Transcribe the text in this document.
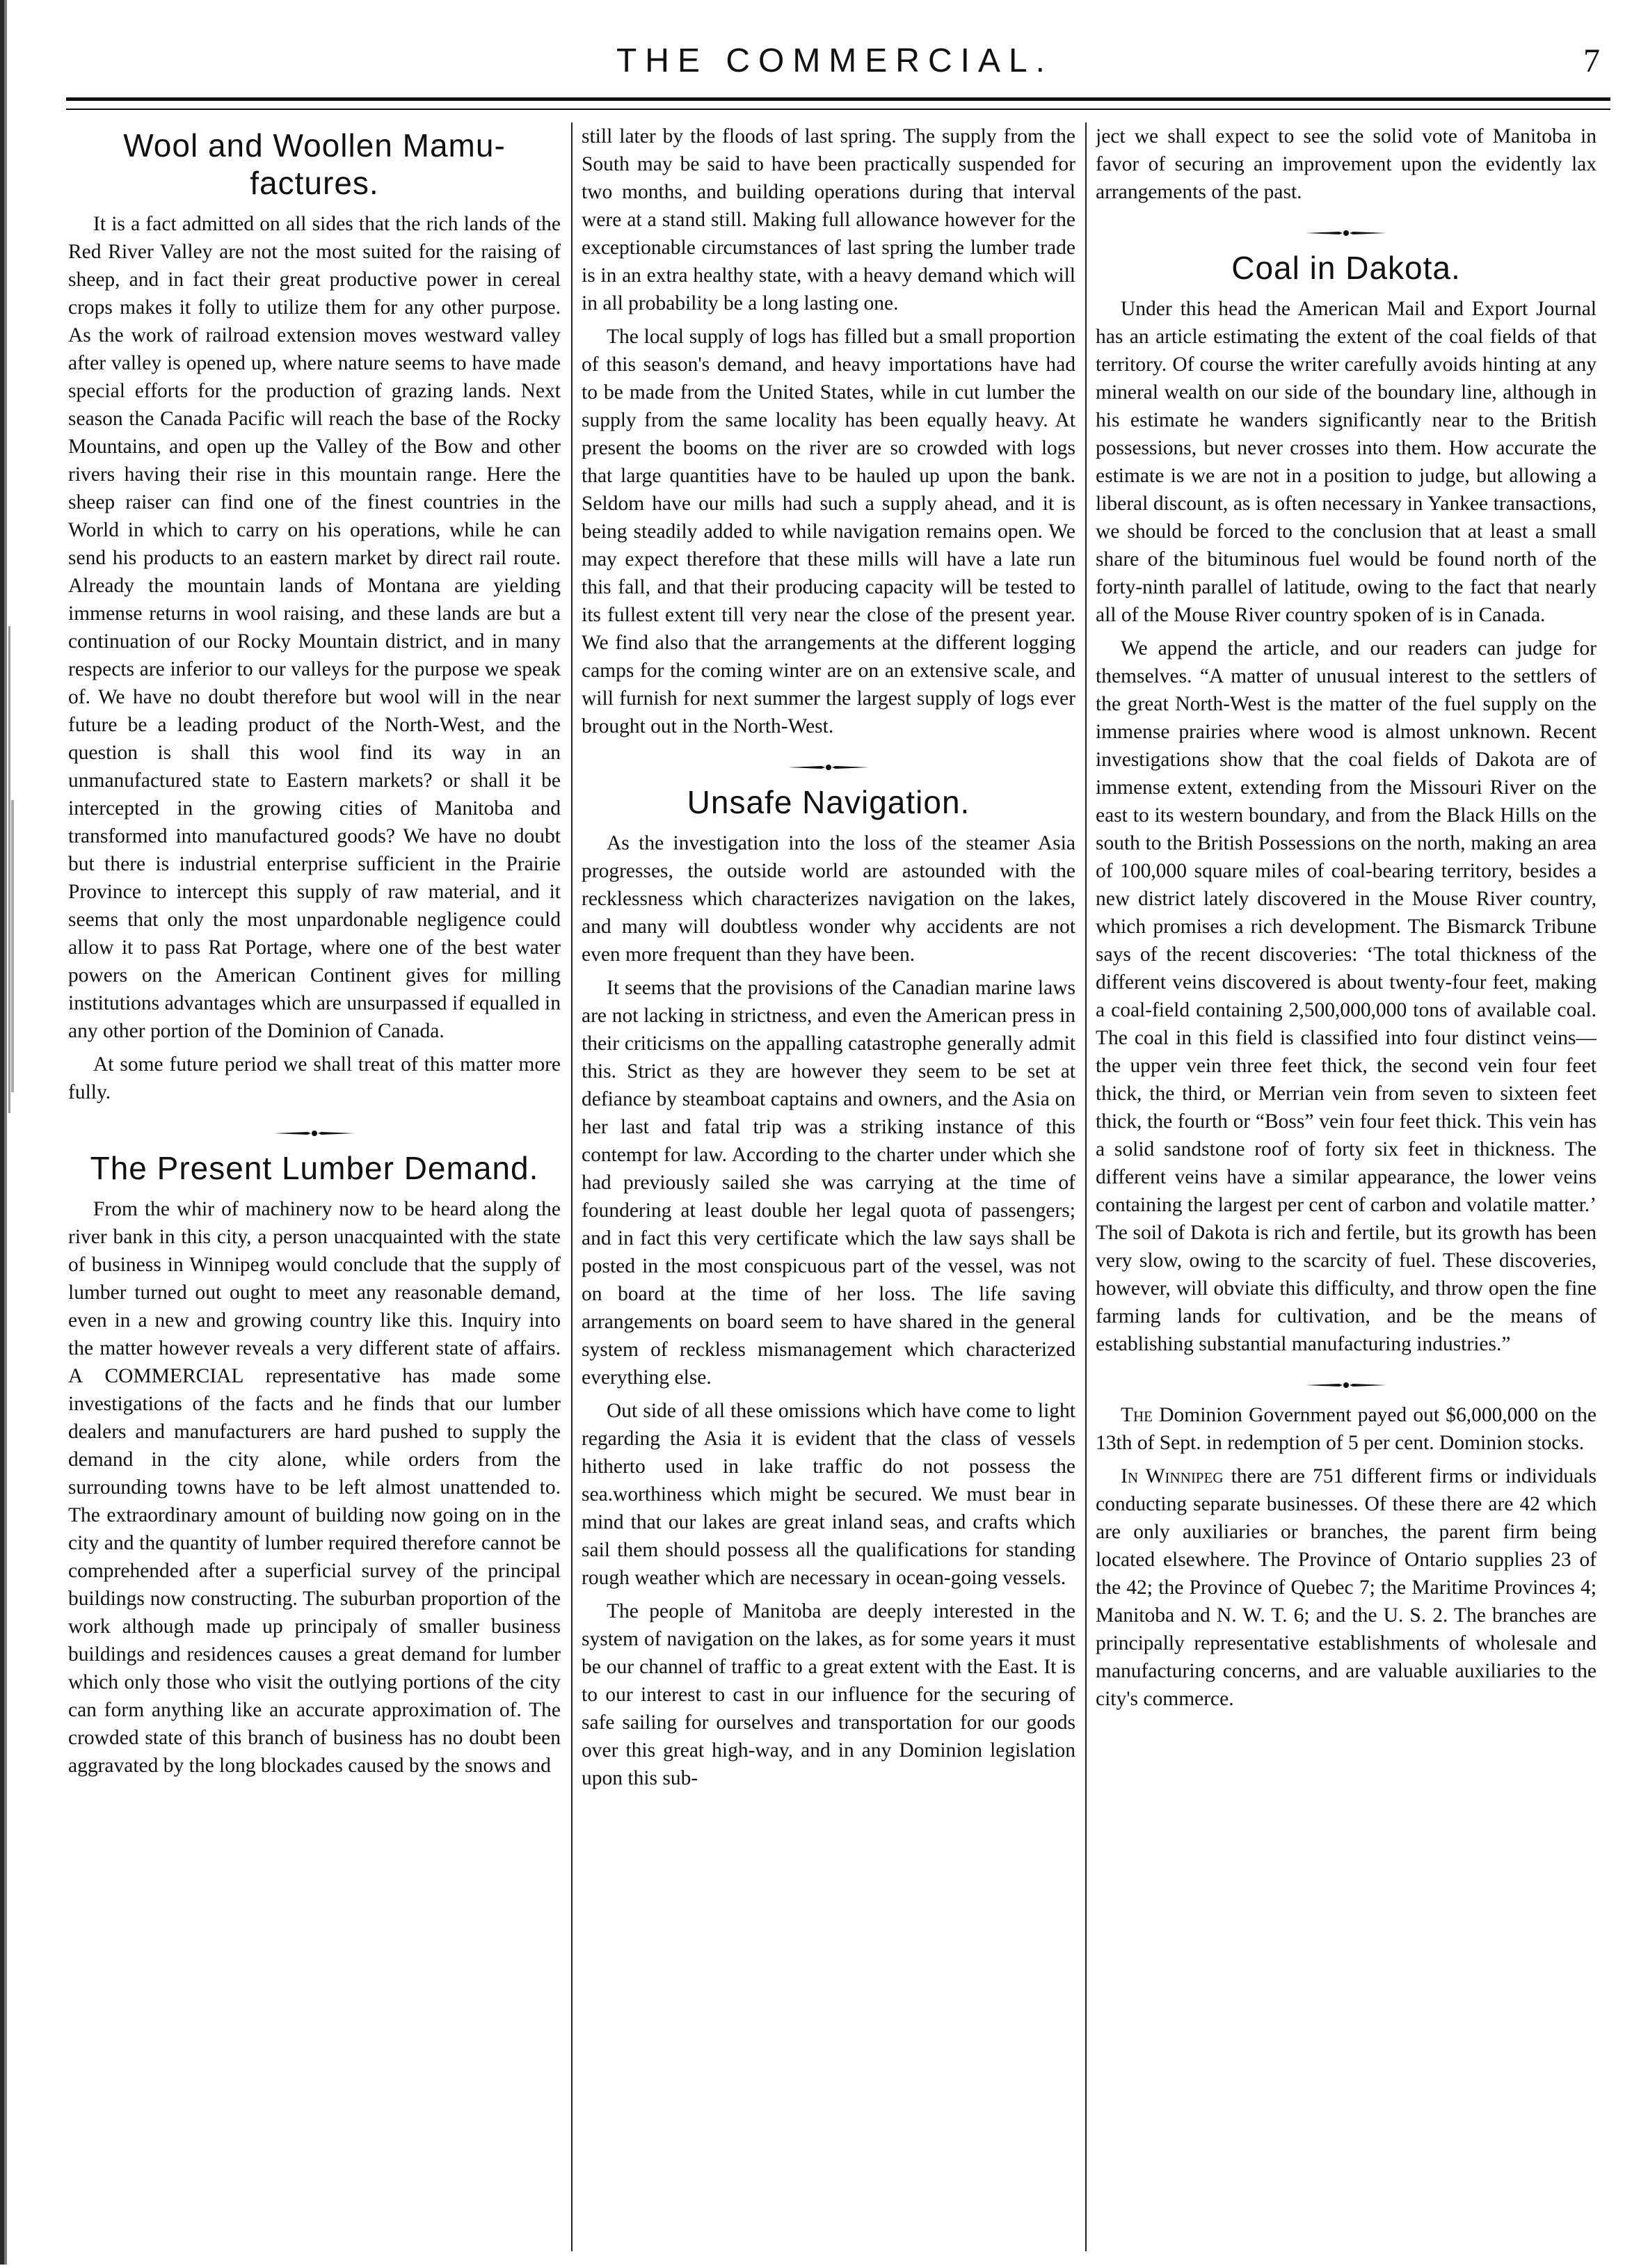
THE COMMERCIAL.	7
Wool and Woollen Mamu-factures.

It is a fact admitted on all sides that the rich lands of the Red River Valley are not the most suited for the raising of sheep, and in fact their great productive power in cereal crops makes it folly to utilize them for any other purpose. As the work of railroad extension moves westward valley after valley is opened up, where nature seems to have made special efforts for the production of grazing lands. Next season the Canada Pacific will reach the base of the Rocky Mountains, and open up the Valley of the Bow and other rivers having their rise in this mountain range. Here the sheep raiser can find one of the finest countries in the World in which to carry on his operations, while he can send his products to an eastern market by direct rail route. Already the mountain lands of Montana are yielding immense returns in wool raising, and these lands are but a continuation of our Rocky Mountain district, and in many respects are inferior to our valleys for the purpose we speak of. We have no doubt therefore but wool will in the near future be a leading product of the North-West, and the question is shall this wool find its way in an unmanufactured state to Eastern markets? or shall it be intercepted in the growing cities of Manitoba and transformed into manufactured goods? We have no doubt but there is industrial enterprise sufficient in the Prairie Province to intercept this supply of raw material, and it seems that only the most unpardonable negligence could allow it to pass Rat Portage, where one of the best water powers on the American Continent gives for milling institutions advantages which are unsurpassed if equalled in any other portion of the Dominion of Canada.

At some future period we shall treat of this matter more fully.

The Present Lumber Demand.

From the whir of machinery now to be heard along the river bank in this city, a person unacquainted with the state of business in Winnipeg would conclude that the supply of lumber turned out ought to meet any reasonable demand, even in a new and growing country like this. Inquiry into the matter however reveals a very different state of affairs. A COMMERCIAL representative has made some investigations of the facts and he finds that our lumber dealers and manufacturers are hard pushed to supply the demand in the city alone, while orders from the surrounding towns have to be left almost unattended to. The extraordinary amount of building now going on in the city and the quantity of lumber required therefore cannot be comprehended after a superficial survey of the principal buildings now constructing. The suburban proportion of the work although made up principaly of smaller business buildings and residences causes a great demand for lumber which only those who visit the outlying portions of the city can form anything like an accurate approximation of. The crowded state of this branch of business has no doubt been aggravated by the long blockades caused by the snows and

still later by the floods of last spring. The supply from the South may be said to have been practically suspended for two months, and building operations during that interval were at a stand still. Making full allowance however for the exceptionable circumstances of last spring the lumber trade is in an extra healthy state, with a heavy demand which will in all probability be a long lasting one.

The local supply of logs has filled but a small proportion of this season's demand, and heavy importations have had to be made from the United States, while in cut lumber the supply from the same locality has been equally heavy. At present the booms on the river are so crowded with logs that large quantities have to be hauled up upon the bank. Seldom have our mills had such a supply ahead, and it is being steadily added to while navigation remains open. We may expect therefore that these mills will have a late run this fall, and that their producing capacity will be tested to its fullest extent till very near the close of the present year. We find also that the arrangements at the different logging camps for the coming winter are on an extensive scale, and will furnish for next summer the largest supply of logs ever brought out in the North-West.

Unsafe Navigation.

As the investigation into the loss of the steamer Asia progresses, the outside world are astounded with the recklessness which characterizes navigation on the lakes, and many will doubtless wonder why accidents are not even more frequent than they have been.

It seems that the provisions of the Canadian marine laws are not lacking in strictness, and even the American press in their criticisms on the appalling catastrophe generally admit this. Strict as they are however they seem to be set at defiance by steamboat captains and owners, and the Asia on her last and fatal trip was a striking instance of this contempt for law. According to the charter under which she had previously sailed she was carrying at the time of foundering at least double her legal quota of passengers; and in fact this very certificate which the law says shall be posted in the most conspicuous part of the vessel, was not on board at the time of her loss. The life saving arrangements on board seem to have shared in the general system of reckless mismanagement which characterized everything else.

Out side of all these omissions which have come to light regarding the Asia it is evident that the class of vessels hitherto used in lake traffic do not possess the sea.worthiness which might be secured. We must bear in mind that our lakes are great inland seas, and crafts which sail them should possess all the qualifications for standing rough weather which are necessary in ocean-going vessels.

The people of Manitoba are deeply interested in the system of navigation on the lakes, as for some years it must be our channel of traffic to a great extent with the East. It is to our interest to cast in our influence for the securing of safe sailing for ourselves and transportation for our goods over this great high-way, and in any Dominion legislation upon this sub-

ject we shall expect to see the solid vote of Manitoba in favor of securing an improvement upon the evidently lax arrangements of the past.

Coal in Dakota.

Under this head the American Mail and Export Journal has an article estimating the extent of the coal fields of that territory. Of course the writer carefully avoids hinting at any mineral wealth on our side of the boundary line, although in his estimate he wanders significantly near to the British possessions, but never crosses into them. How accurate the estimate is we are not in a position to judge, but allowing a liberal discount, as is often necessary in Yankee transactions, we should be forced to the conclusion that at least a small share of the bituminous fuel would be found north of the forty-ninth parallel of latitude, owing to the fact that nearly all of the Mouse River country spoken of is in Canada.

We append the article, and our readers can judge for themselves. “A matter of unusual interest to the settlers of the great North-West is the matter of the fuel supply on the immense prairies where wood is almost unknown. Recent investigations show that the coal fields of Dakota are of immense extent, extending from the Missouri River on the east to its western boundary, and from the Black Hills on the south to the British Possessions on the north, making an area of 100,000 square miles of coal-bearing territory, besides a new district lately discovered in the Mouse River country, which promises a rich development. The Bismarck Tribune says of the recent discoveries: ‘The total thickness of the different veins discovered is about twenty-four feet, making a coal-field containing 2,500,000,000 tons of available coal. The coal in this field is classified into four distinct veins—the upper vein three feet thick, the second vein four feet thick, the third, or Merrian vein from seven to sixteen feet thick, the fourth or “Boss” vein four feet thick. This vein has a solid sandstone roof of forty six feet in thickness. The different veins have a similar appearance, the lower veins containing the largest per cent of carbon and volatile matter.’ The soil of Dakota is rich and fertile, but its growth has been very slow, owing to the scarcity of fuel. These discoveries, however, will obviate this difficulty, and throw open the fine farming lands for cultivation, and be the means of establishing substantial manufacturing industries.”

The Dominion Government payed out $6,000,000 on the 13th of Sept. in redemption of 5 per cent. Dominion stocks.

In Winnipeg there are 751 different firms or individuals conducting separate businesses. Of these there are 42 which are only auxiliaries or branches, the parent firm being located elsewhere. The Province of Ontario supplies 23 of the 42; the Province of Quebec 7; the Maritime Provinces 4; Manitoba and N. W. T. 6; and the U. S. 2. The branches are principally representative establishments of wholesale and manufacturing concerns, and are valuable auxiliaries to the city's commerce.
